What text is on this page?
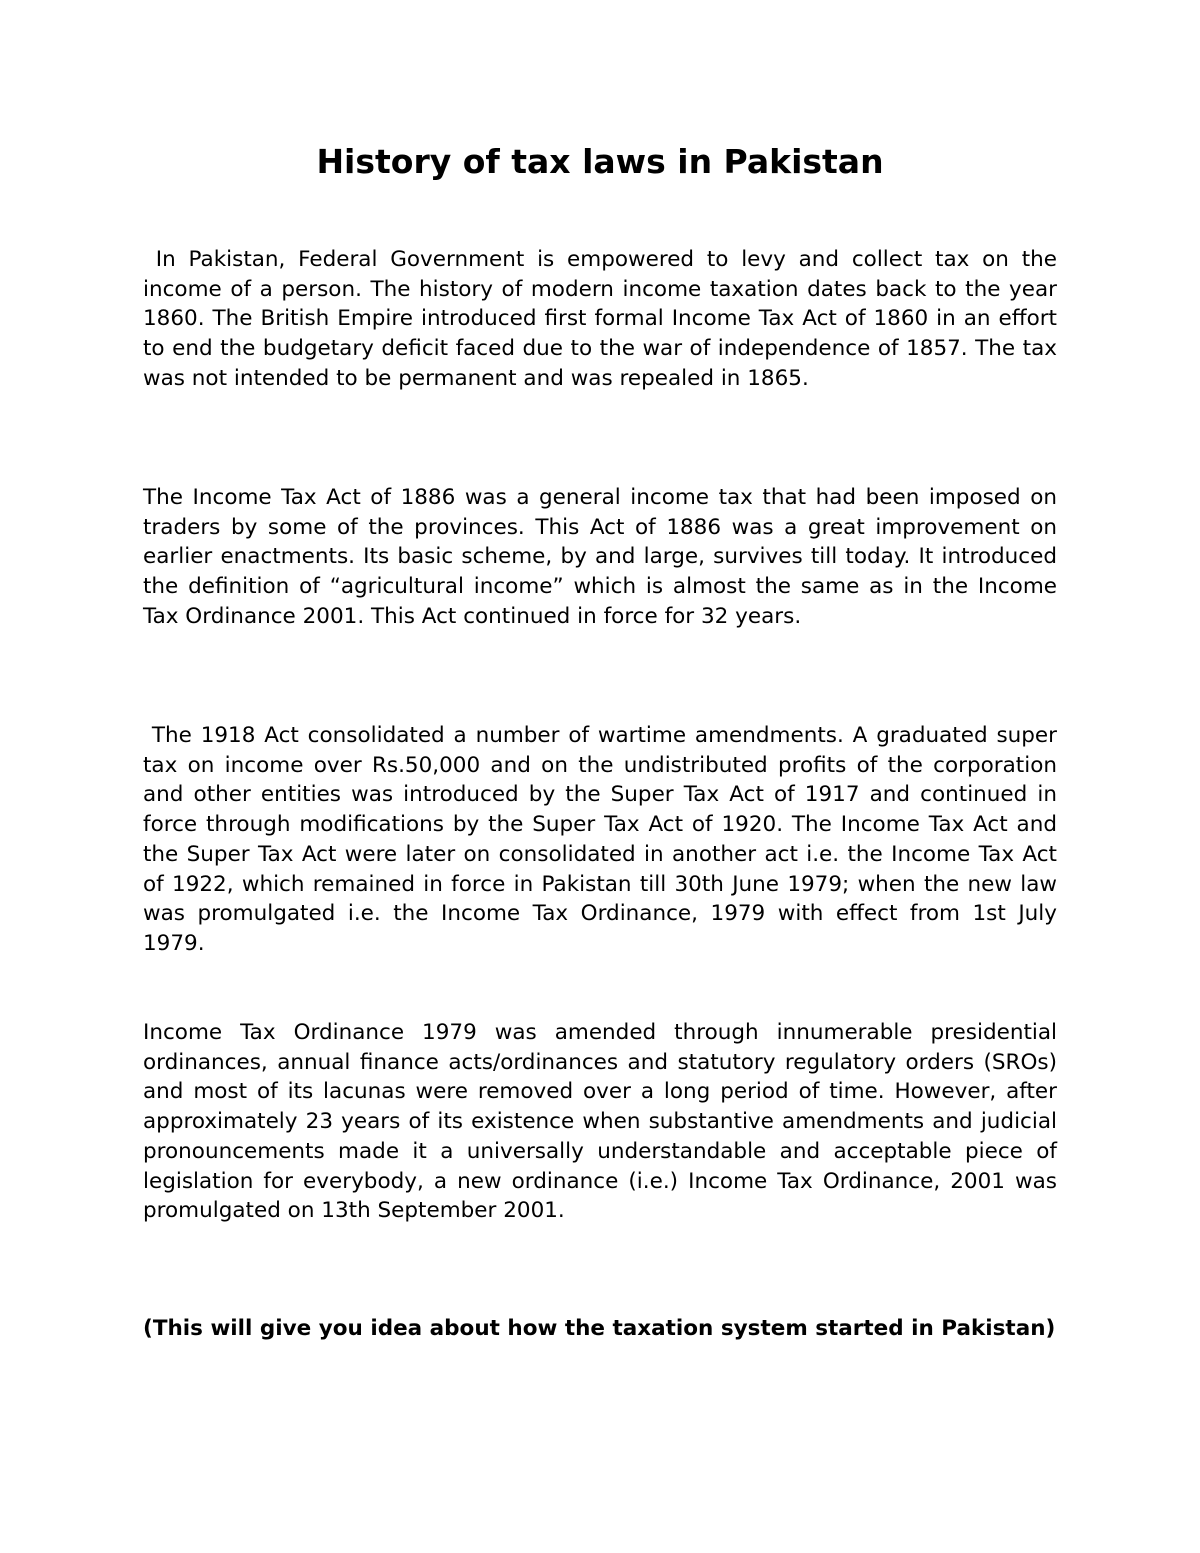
History of tax laws in Pakistan

In Pakistan, Federal Government is empowered to levy and collect tax on the income of a person. The history of modern income taxation dates back to the year 1860. The British Empire introduced first formal Income Tax Act of 1860 in an effort to end the budgetary deficit faced due to the war of independence of 1857. The tax was not intended to be permanent and was repealed in 1865.

The Income Tax Act of 1886 was a general income tax that had been imposed on traders by some of the provinces. This Act of 1886 was a great improvement on earlier enactments. Its basic scheme, by and large, survives till today. It introduced the definition of “agricultural income” which is almost the same as in the Income Tax Ordinance 2001. This Act continued in force for 32 years.

The 1918 Act consolidated a number of wartime amendments. A graduated super tax on income over Rs.50,000 and on the undistributed profits of the corporation and other entities was introduced by the Super Tax Act of 1917 and continued in force through modifications by the Super Tax Act of 1920. The Income Tax Act and the Super Tax Act were later on consolidated in another act i.e. the Income Tax Act of 1922, which remained in force in Pakistan till 30th June 1979; when the new law was promulgated i.e. the Income Tax Ordinance, 1979 with effect from 1st July 1979.

Income Tax Ordinance 1979 was amended through innumerable presidential ordinances, annual finance acts/ordinances and statutory regulatory orders (SROs) and most of its lacunas were removed over a long period of time. However, after approximately 23 years of its existence when substantive amendments and judicial pronouncements made it a universally understandable and acceptable piece of legislation for everybody, a new ordinance (i.e.) Income Tax Ordinance, 2001 was promulgated on 13th September 2001.

(This will give you idea about how the taxation system started in Pakistan)
